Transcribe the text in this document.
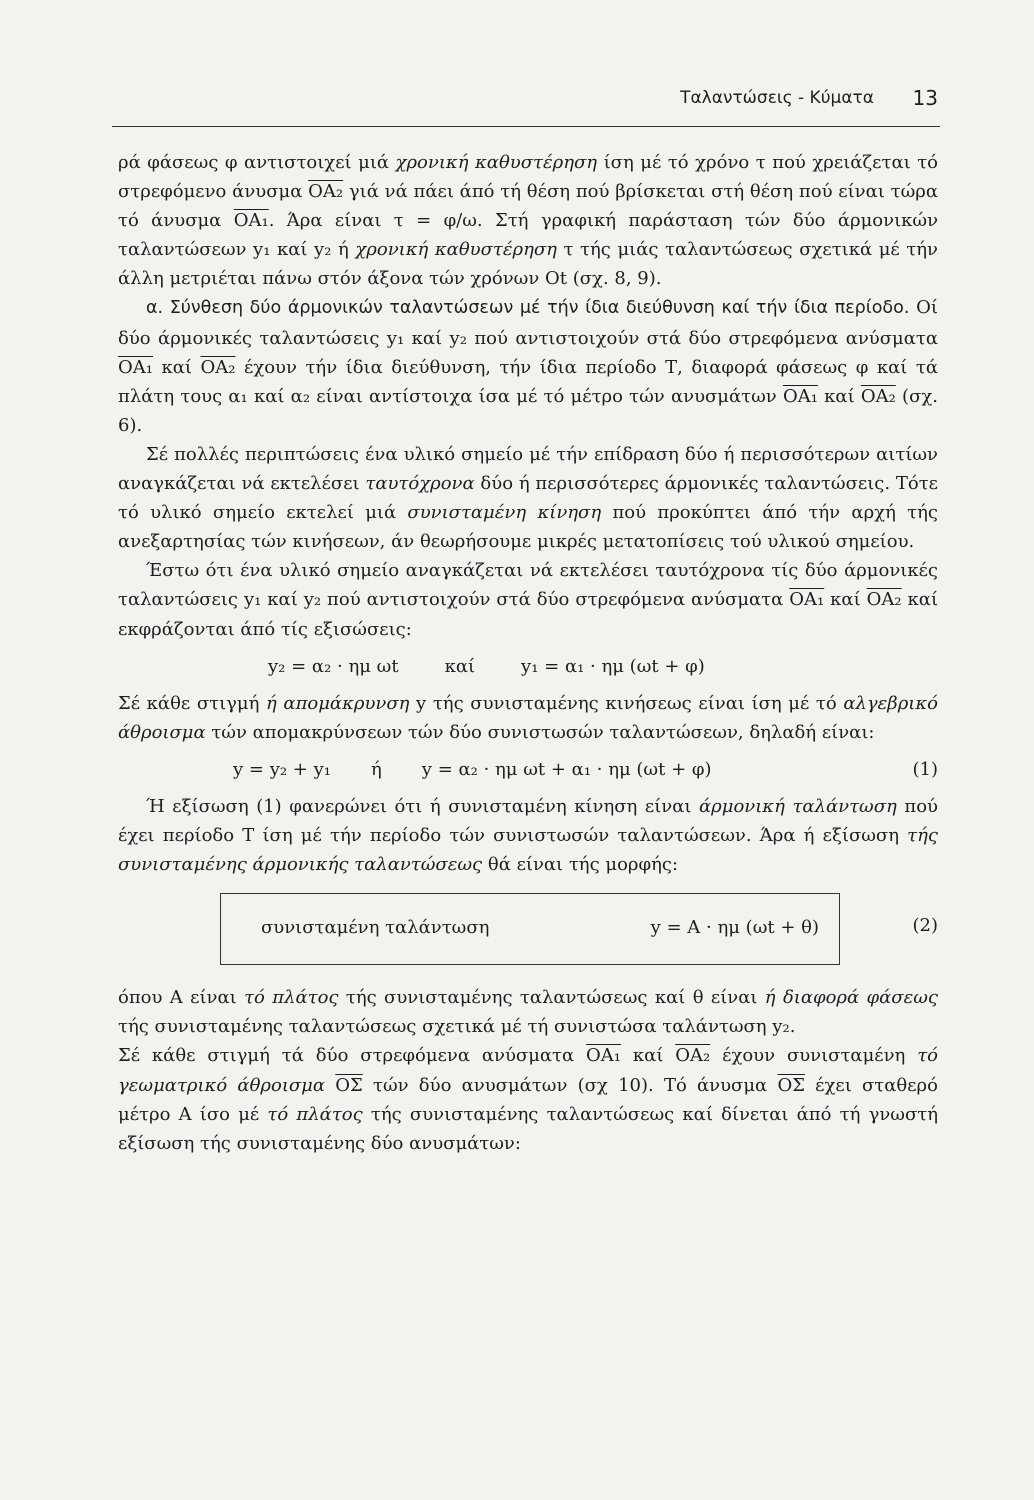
Ταλαντώσεις - Κύματα 13

ρά φάσεως φ αντιστοιχεί μιά χρονική καθυστέρηση ίση μέ τό χρόνο τ πού χρειάζεται τό στρεφόμενο άνυσμα OA₂ γιά νά πάει άπό τή θέση πού βρίσκεται στή θέση πού είναι τώρα τό άνυσμα OA₁. Άρα είναι τ = φ/ω. Στή γραφική παράσταση τών δύο άρμονικών ταλαντώσεων y₁ καί y₂ ή χρονική καθυστέρηση τ τής μιάς ταλαντώσεως σχετικά μέ τήν άλλη μετριέται πάνω στόν άξονα τών χρόνων Ot (σχ. 8, 9).

α. Σύνθεση δύο άρμονικών ταλαντώσεων μέ τήν ίδια διεύθυνση καί τήν ίδια περίοδο. Οί δύο άρμονικές ταλαντώσεις y₁ καί y₂ πού αντιστοιχούν στά δύο στρεφόμενα ανύσματα OA₁ καί OA₂ έχουν τήν ίδια διεύθυνση, τήν ίδια περίοδο Τ, διαφορά φάσεως φ καί τά πλάτη τους α₁ καί α₂ είναι αντίστοιχα ίσα μέ τό μέτρο τών ανυσμάτων OA₁ καί OA₂ (σχ. 6).

Σέ πολλές περιπτώσεις ένα υλικό σημείο μέ τήν επίδραση δύο ή περισσότερων αιτίων αναγκάζεται νά εκτελέσει ταυτόχρονα δύο ή περισσότερες άρμονικές ταλαντώσεις. Τότε τό υλικό σημείο εκτελεί μιά συνισταμένη κίνηση πού προκύπτει άπό τήν αρχή τής ανεξαρτησίας τών κινήσεων, άν θεωρήσουμε μικρές μετατοπίσεις τού υλικού σημείου.

Έστω ότι ένα υλικό σημείο αναγκάζεται νά εκτελέσει ταυτόχρονα τίς δύο άρμονικές ταλαντώσεις y₁ καί y₂ πού αντιστοιχούν στά δύο στρεφόμενα ανύσματα OA₁ καί OA₂ καί εκφράζονται άπό τίς εξισώσεις:

y₂ = α₂ · ημ ωt	καί	y₁ = α₁ · ημ (ωt + φ)

Σέ κάθε στιγμή ή απομάκρυνση y τής συνισταμένης κινήσεως είναι ίση μέ τό αλγεβρικό άθροισμα τών απομακρύνσεων τών δύο συνιστωσών ταλαντώσεων, δηλαδή είναι:

y = y₂ + y₁ ή y = α₂ · ημ ωt + α₁ · ημ (ωt + φ)	(1)

Ή εξίσωση (1) φανερώνει ότι ή συνισταμένη κίνηση είναι άρμονική ταλάντωση πού έχει περίοδο Τ ίση μέ τήν περίοδο τών συνιστωσών ταλαντώσεων. Άρα ή εξίσωση τής συνισταμένης άρμονικής ταλαντώσεως θά είναι τής μορφής:

συνισταμένη ταλάντωση	y = A · ημ (ωt + θ)	(2)

όπου Α είναι τό πλάτος τής συνισταμένης ταλαντώσεως καί θ είναι ή διαφορά φάσεως τής συνισταμένης ταλαντώσεως σχετικά μέ τή συνιστώσα ταλάντωση y₂.

Σέ κάθε στιγμή τά δύο στρεφόμενα ανύσματα OA₁ καί OA₂ έχουν συνισταμένη τό γεωματρικό άθροισμα $\overline{O\Sigma}$ τών δύο ανυσμάτων (σχ 10). Τό άνυσμα $\overline{O\Sigma}$ έχει σταθερό μέτρο Α ίσο μέ τό πλάτος τής συνισταμένης ταλαντώσεως καί δίνεται άπό τή γνωστή εξίσωση τής συνισταμένης δύο ανυσμάτων:
